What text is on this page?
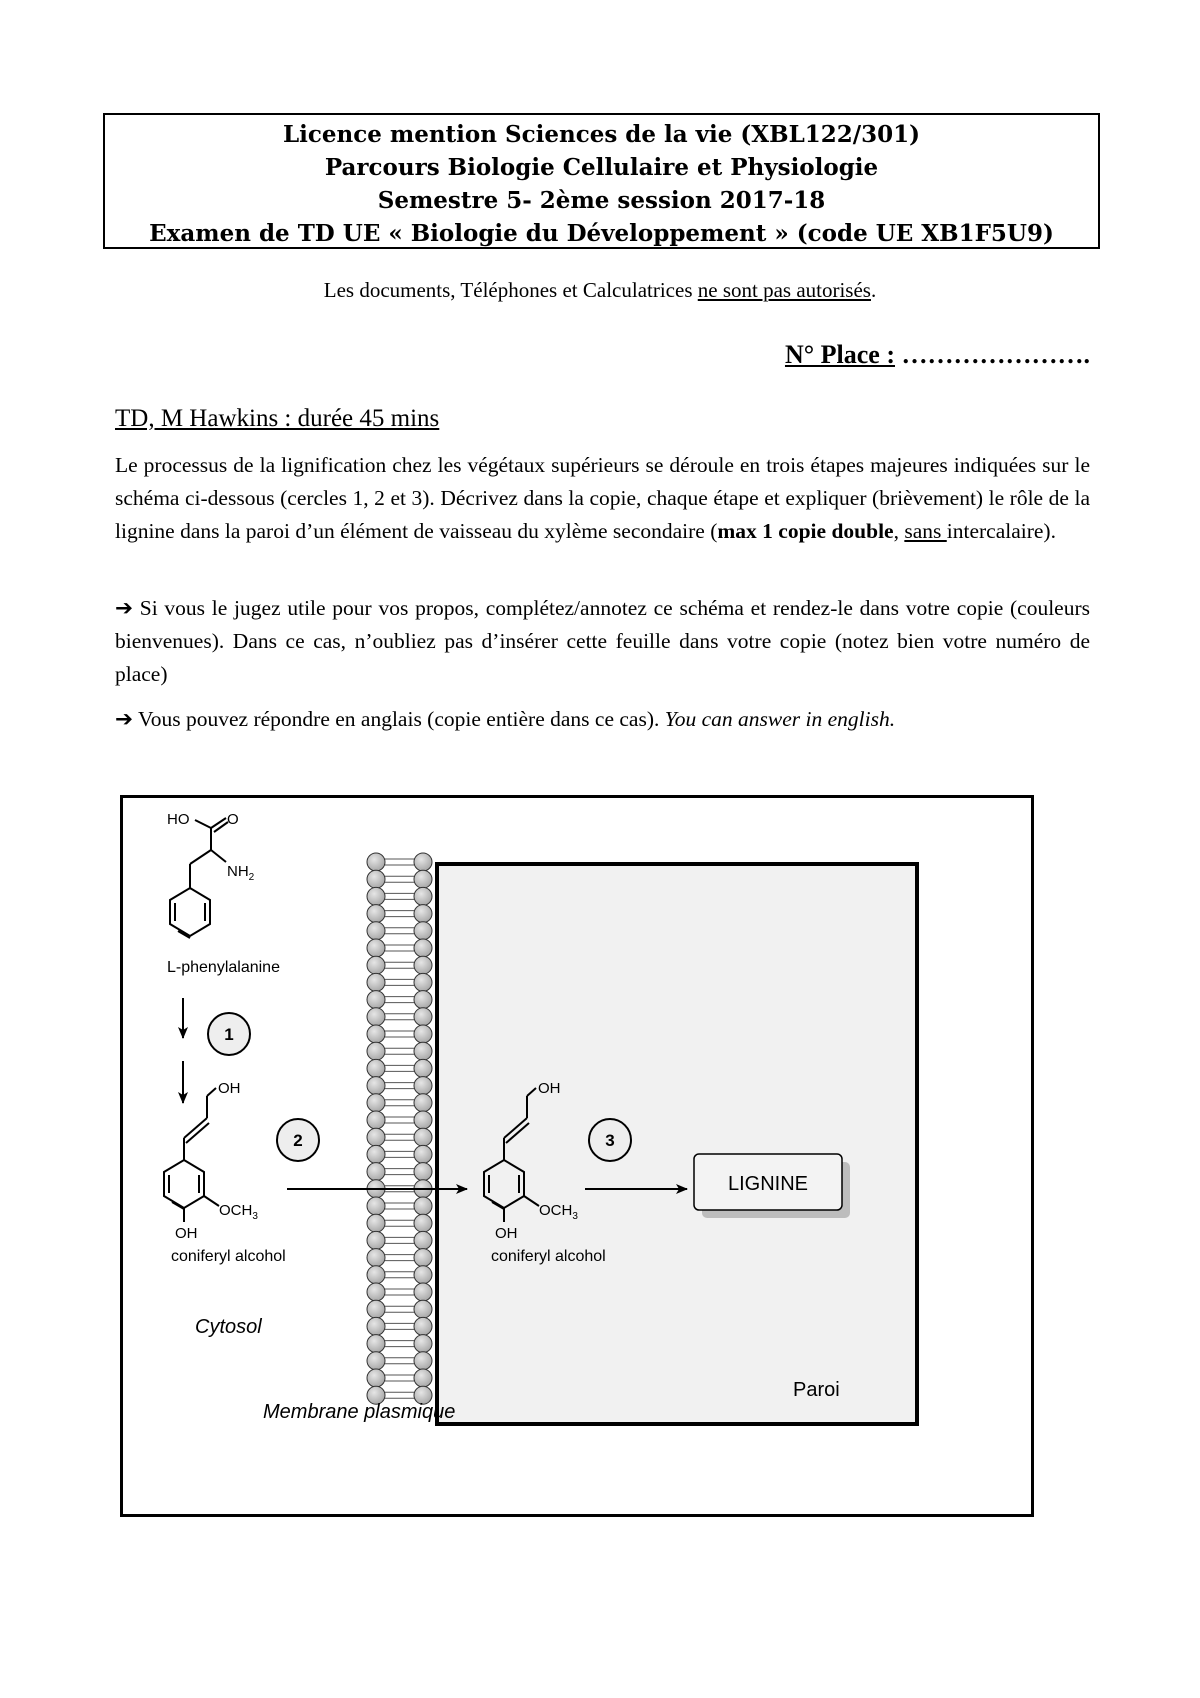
Licence mention Sciences de la vie (XBL122/301)
Parcours Biologie Cellulaire et Physiologie
Semestre 5- 2ème session 2017-18
Examen de TD UE « Biologie du Développement » (code UE XB1F5U9)
Les documents, Téléphones et Calculatrices ne sont pas autorisés.
N° Place : ………………….
TD, M Hawkins : durée 45 mins
Le processus de la lignification chez les végétaux supérieurs se déroule en trois étapes majeures indiquées sur le schéma ci-dessous (cercles 1, 2 et 3). Décrivez dans la copie, chaque étape et expliquer (brièvement) le rôle de la lignine dans la paroi d’un élément de vaisseau du xylème secondaire (max 1 copie double, sans intercalaire).
➔ Si vous le jugez utile pour vos propos, complétez/annotez ce schéma et rendez-le dans votre copie (couleurs bienvenues). Dans ce cas, n’oubliez pas d’insérer cette feuille dans votre copie (notez bien votre numéro de place)
➔ Vous pouvez répondre en anglais (copie entière dans ce cas). You can answer in english.
HO	O
$NH_2$
L-phenylalanine
1
2	3
OH
$OCH_3$
OH
coniferyl alcohol
OH
$OCH_3$
OH
coniferyl alcohol
LIGNINE
Cytosol
Paroi
Membrane plasmique
